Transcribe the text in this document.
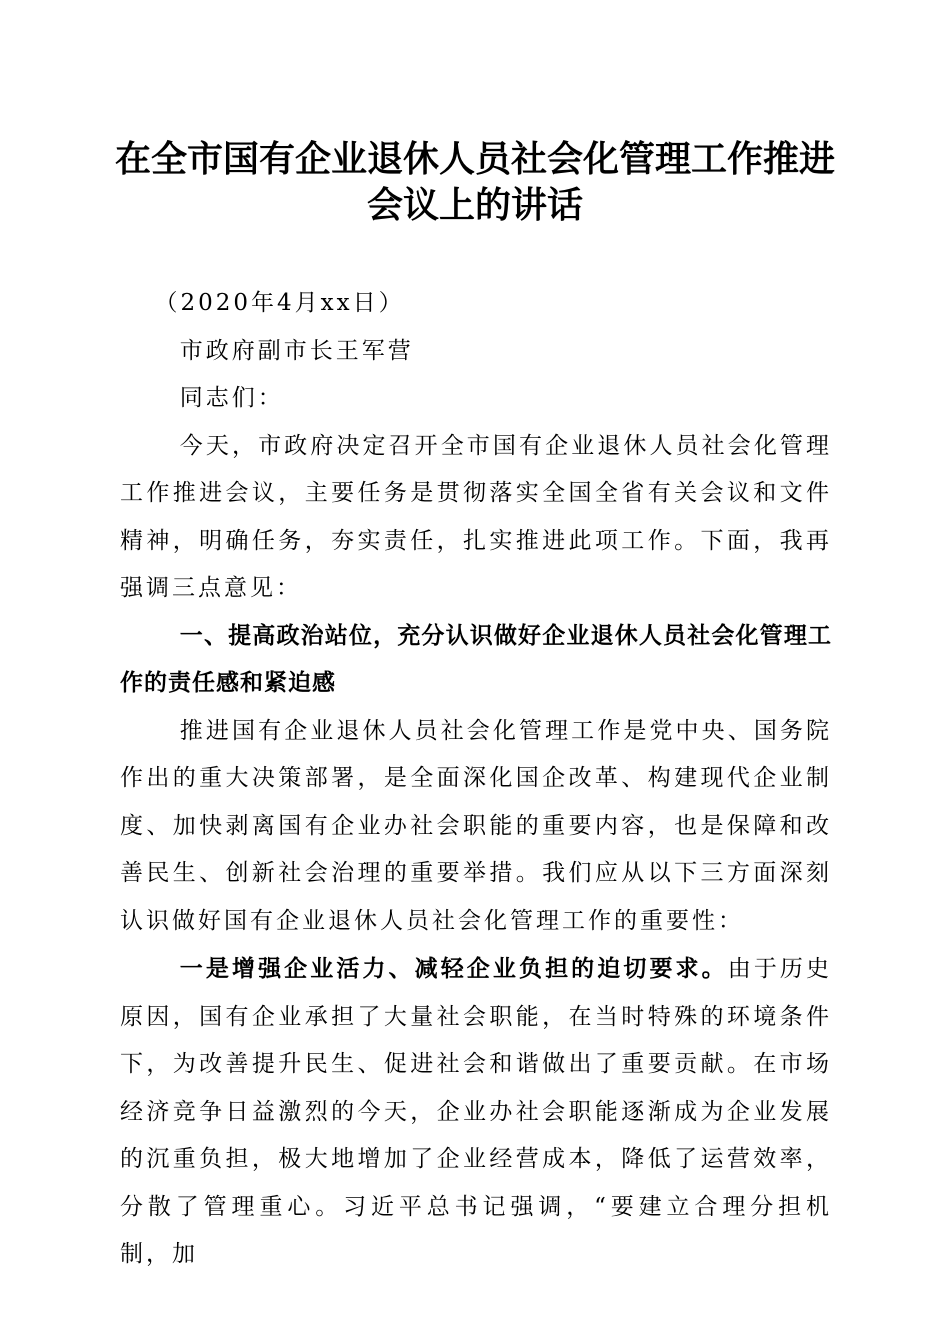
在全市国有企业退休人员社会化管理工作推进
会议上的讲话

（2020年4月xx日）

市政府副市长王军营

同志们：

今天，市政府决定召开全市国有企业退休人员社会化管理工作推进会议，主要任务是贯彻落实全国全省有关会议和文件精神，明确任务，夯实责任，扎实推进此项工作。下面，我再强调三点意见：

一、提高政治站位，充分认识做好企业退休人员社会化管理工作的责任感和紧迫感

推进国有企业退休人员社会化管理工作是党中央、国务院作出的重大决策部署，是全面深化国企改革、构建现代企业制度、加快剥离国有企业办社会职能的重要内容，也是保障和改善民生、创新社会治理的重要举措。我们应从以下三方面深刻认识做好国有企业退休人员社会化管理工作的重要性：

一是增强企业活力、减轻企业负担的迫切要求。由于历史原因，国有企业承担了大量社会职能，在当时特殊的环境条件下，为改善提升民生、促进社会和谐做出了重要贡献。在市场经济竞争日益激烈的今天，企业办社会职能逐渐成为企业发展的沉重负担，极大地增加了企业经营成本，降低了运营效率，分散了管理重心。习近平总书记强调，“要建立合理分担机制，加
